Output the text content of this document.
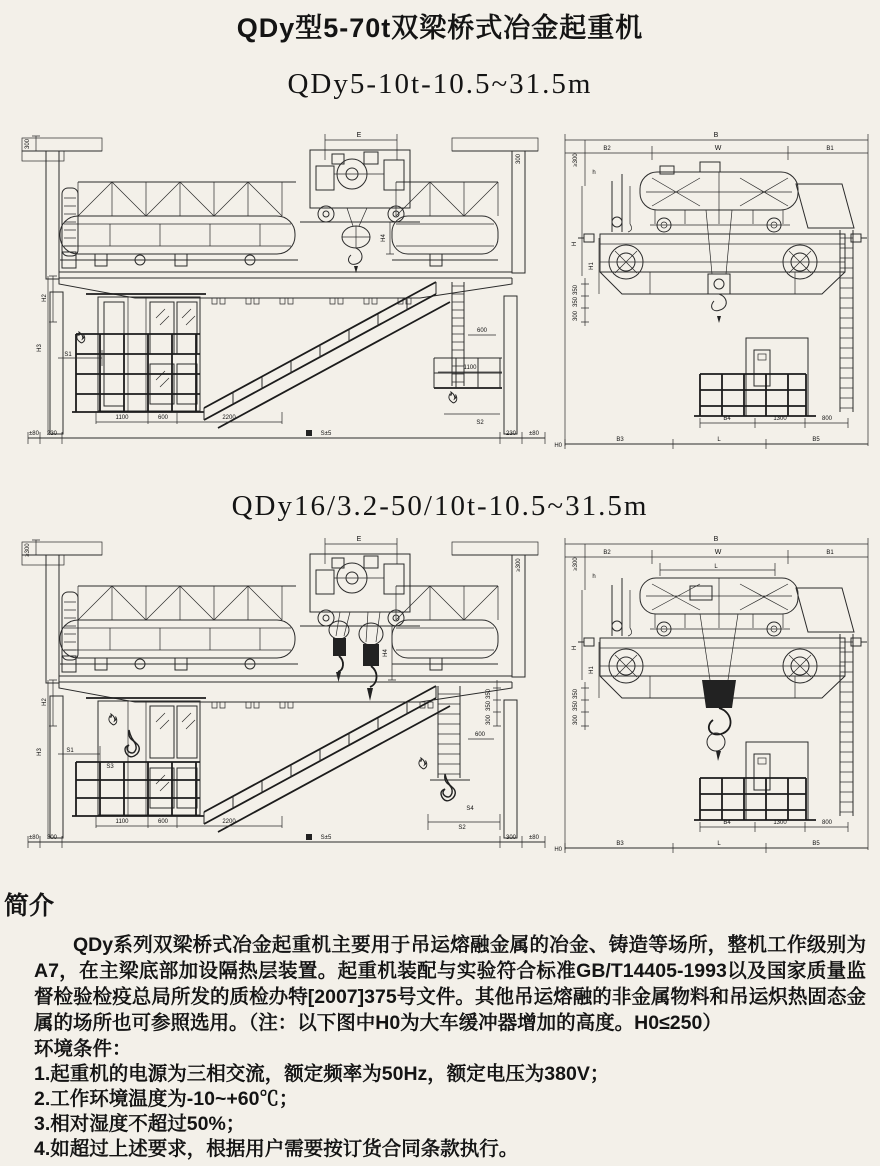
QDy型5-70t双梁桥式冶金起重机
QDy5-10t-10.5~31.5m
E
H4
300
300
H2
H3
S1
600
1100
S2
1100	600	2200
±80 230	S±5	230 ±80
B
B2	W	B1
≥300
h
H
H1
350
350
300
B4	1300	800
B3	L	B5
H0
QDy16/3.2-50/10t-10.5~31.5m
E
H4
S1
S3
≥300
≥300
H2
H3
350
350
300
600
S4
S2
1100	600	2200
±80 300	S±5	300 ±80
B
B2	W	B1
L
≥300
h
H
H1
350
350
300
B4	1300	800
B3	L	B5
H0
简介

QDy系列双梁桥式冶金起重机主要用于吊运熔融金属的冶金、铸造等场所，整机工作级别为A7，在主梁底部加设隔热层装置。起重机装配与实验符合标准GB/T14405-1993以及国家质量监督检验检疫总局所发的质检办特[2007]375号文件。其他吊运熔融的非金属物料和吊运炽热固态金属的场所也可参照选用。（注：以下图中H0为大车缓冲器增加的高度。H0≤250）

环境条件：
1.起重机的电源为三相交流，额定频率为50Hz，额定电压为380V；
2.工作环境温度为-10~+60℃；
3.相对湿度不超过50%；
4.如超过上述要求，根据用户需要按订货合同条款执行。
